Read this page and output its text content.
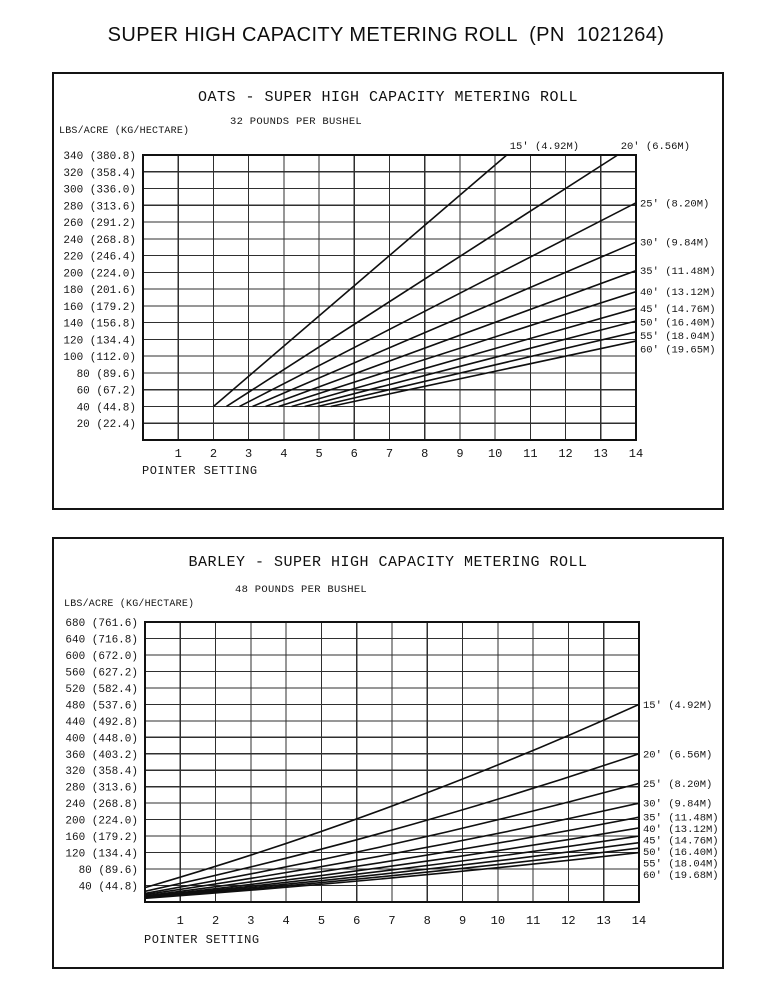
SUPER HIGH CAPACITY METERING ROLL  (PN  1021264)
OATS - SUPER HIGH CAPACITY METERING ROLL
32 POUNDS PER BUSHEL
LBS/ACRE (KG/HECTARE)
15' (4.92M)	20' (6.56M)
25' (8.20M)
30' (9.84M)
35' (11.48M)
40' (13.12M)
45' (14.76M)
50' (16.40M)
55' (18.04M)
60' (19.65M)
340 (380.8)
320 (358.4)
300 (336.0)
280 (313.6)
260 (291.2)
240 (268.8)
220 (246.4)
200 (224.0)
180 (201.6)
160 (179.2)
140 (156.8)
120 (134.4)
100 (112.0)
80 (89.6)
60 (67.2)
40 (44.8)
20 (22.4)
1 2 3 4 5 6 7 8 9 10 11 12 13 14
POINTER SETTING
BARLEY - SUPER HIGH CAPACITY METERING ROLL
48 POUNDS PER BUSHEL
LBS/ACRE (KG/HECTARE)
15' (4.92M)
20' (6.56M)
25' (8.20M)
30' (9.84M)
35' (11.48M)
40' (13.12M)
45' (14.76M)
50' (16.40M)
55' (18.04M)
60' (19.68M)
680 (761.6)
640 (716.8)
600 (672.0)
560 (627.2)
520 (582.4)
480 (537.6)
440 (492.8)
400 (448.0)
360 (403.2)
320 (358.4)
280 (313.6)
240 (268.8)
200 (224.0)
160 (179.2)
120 (134.4)
80 (89.6)
40 (44.8)
1 2 3 4 5 6 7 8 9 10 11 12 13 14
POINTER SETTING
